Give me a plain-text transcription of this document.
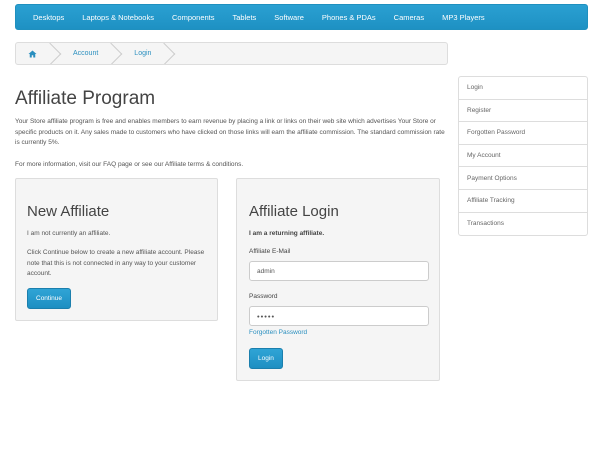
Desktops Laptops & Notebooks Components Tablets Software Phones & PDAs Cameras MP3 Players
Account	Login
Affiliate Program

Your Store affiliate program is free and enables members to earn revenue by placing a link or links on their web site which advertises Your Store or specific products on it. Any sales made to customers who have clicked on those links will earn the affiliate commission. The standard commission rate is currently 5%.

For more information, visit our FAQ page or see our Affiliate terms & conditions.

New Affiliate

I am not currently an affiliate.

Click Continue below to create a new affiliate account. Please note that this is not connected in any way to your customer account.

Continue
Affiliate Login

I am a returning affiliate.

Affiliate E-Mail
admin
Password
•••••
Forgotten Password
Login
Login
Register
Forgotten Password
My Account
Payment Options
Affiliate Tracking
Transactions
